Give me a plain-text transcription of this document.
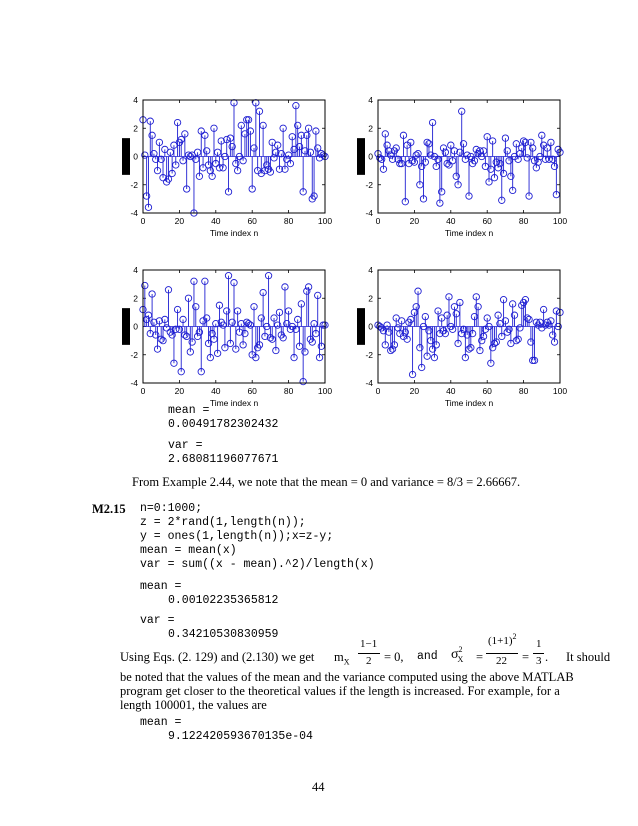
0	20	40	60	80	100
4
2
0
-2
-4
Time index n
0	20	40	60	80	100
4
2
0
-2
-4
Time index n
0	20	40	60	80	100
4
2
0
-2
-4
Time index n
0	20	40	60	80	100
4
2
0
-2
-4
Time index n
mean =
0.00491782302432
var =
2.68081196077671
From Example 2.44, we note that the mean = 0 and variance = 8/3 = 2.66667.
M2.15 n=0:1000;
z = 2*rand(1,length(n));
y = ones(1,length(n));x=z-y;
mean = mean(x)
var = sum((x - mean).^2)/length(x)
mean =
0.00102235365812
var =
0.34210530830959
Using Eqs. (2. 129) and (2.130) we get $m_X$
1−1
2 = 0, and $\sigma^2_X$	=
$(1+1)^2$
22 =
1
3 . It should
be noted that the values of the mean and the variance computed using the above MATLAB program get closer to the theoretical values if the length is increased. For example, for a length 100001, the values are
mean =
9.122420593670135e-04
44
